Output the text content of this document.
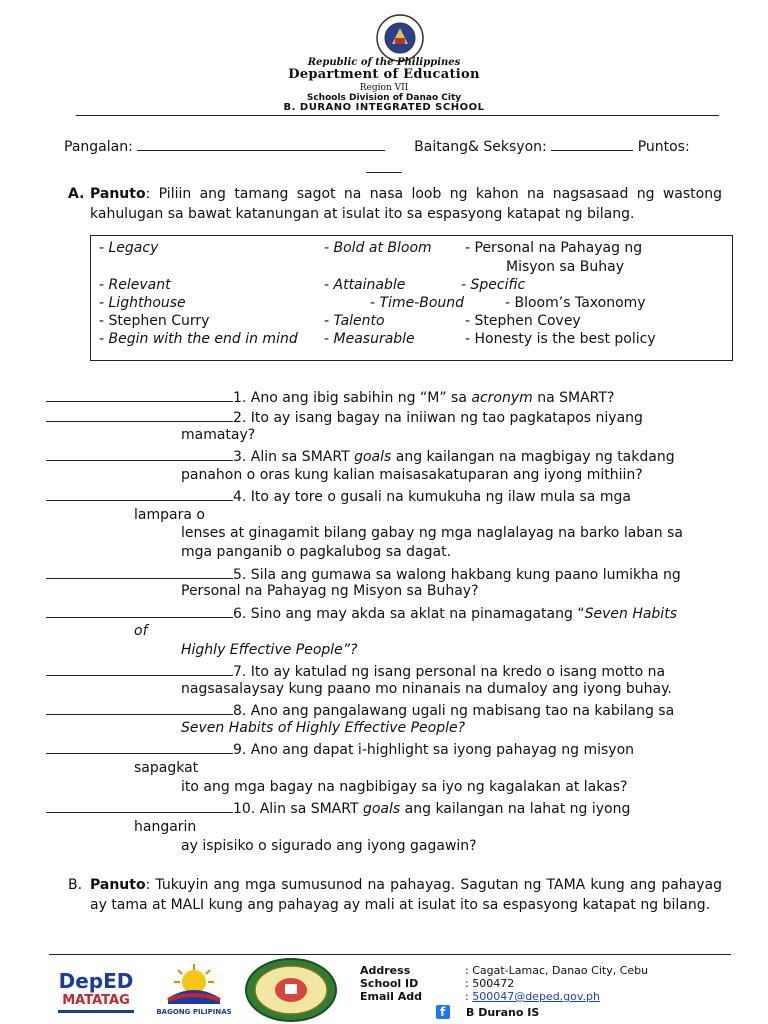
Republic of the Philippines
Department of Education
Region VII
Schools Division of Danao City
B. DURANO INTEGRATED SCHOOL
Pangalan:	Baitang& Seksyon:	Puntos:
A. Panuto: Piliin ang tamang sagot na nasa loob ng kahon na nagsasaad ng wastong kahulugan sa bawat katanungan at isulat ito sa espasyong katapat ng bilang.
- Legacy	- Bold at Bloom - Personal na Pahayag ng
Misyon sa Buhay
- Relevant	- Attainable	- Specific
- Lighthouse	- Time-Bound	- Bloom’s Taxonomy
- Stephen Curry	- Talento	- Stephen Covey
- Begin with the end in mind - Measurable	- Honesty is the best policy
1. Ano ang ibig sabihin ng “M” sa acronym na SMART?
2. Ito ay isang bagay na iniiwan ng tao pagkatapos niyang
mamatay?
3. Alin sa SMART goals ang kailangan na magbigay ng takdang
panahon o oras kung kalian maisasakatuparan ang iyong mithiin?
4. Ito ay tore o gusali na kumukuha ng ilaw mula sa mga
lampara o
lenses at ginagamit bilang gabay ng mga naglalayag na barko laban sa
mga panganib o pagkalubog sa dagat.
5. Sila ang gumawa sa walong hakbang kung paano lumikha ng
Personal na Pahayag ng Misyon sa Buhay?
6. Sino ang may akda sa aklat na pinamagatang “Seven Habits
of
Highly Effective People”?
7. Ito ay katulad ng isang personal na kredo o isang motto na
nagsasalaysay kung paano mo ninanais na dumaloy ang iyong buhay.
8. Ano ang pangalawang ugali ng mabisang tao na kabilang sa
Seven Habits of Highly Effective People?
9. Ano ang dapat i-highlight sa iyong pahayag ng misyon
sapagkat
ito ang mga bagay na nagbibigay sa iyo ng kagalakan at lakas?
10. Alin sa SMART goals ang kailangan na lahat ng iyong
hangarin
ay ispisiko o sigurado ang iyong gagawin?
B. Panuto: Tukuyin ang mga sumusunod na pahayag. Sagutan ng TAMA kung ang pahayag ay tama at MALI kung ang pahayag ay mali at isulat ito sa espasyong katapat ng bilang.
DepED
MATATAG
BAGONG PILIPINAS
Address	: Cagat-Lamac, Danao City, Cebu
School ID	: 500472
Email Add	: 500047@deped.gov.ph
f B Durano IS
